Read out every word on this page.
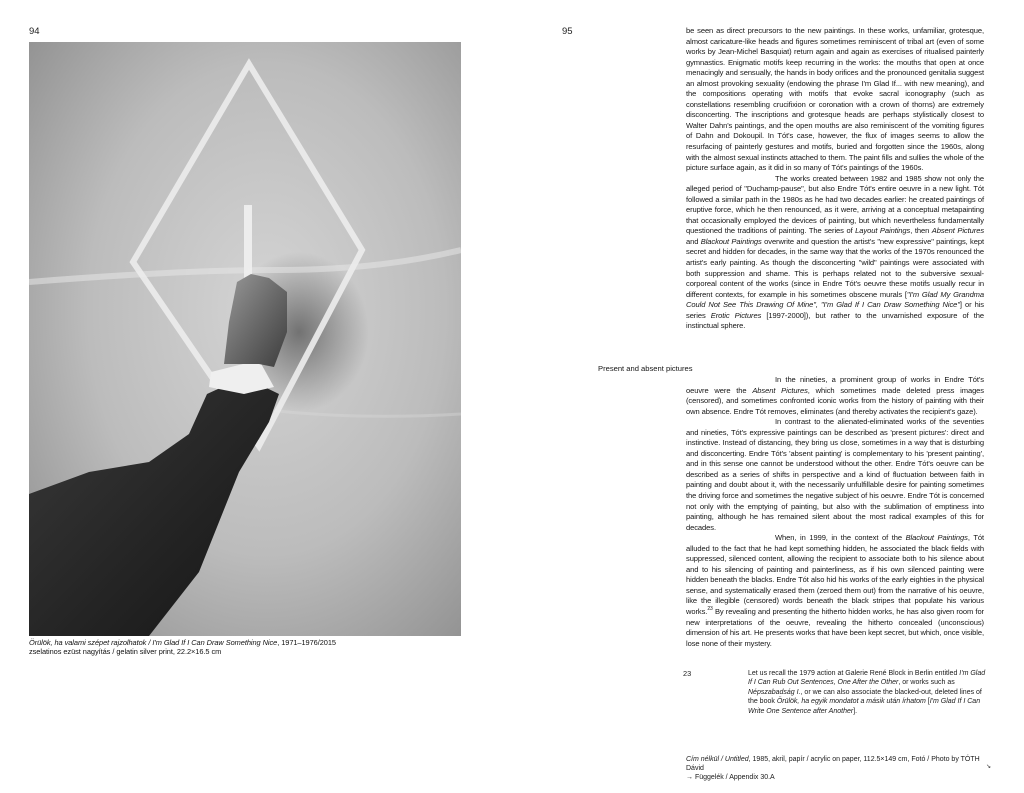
94
Örülök, ha valami szépet rajzolhatok / I'm Glad If I Can Draw Something Nice, 1971–1976/2015
zselatinos ezüst nagyítás / gelatin silver print, 22.2×16.5 cm
95	be seen as direct precursors to the new paintings. In these works, unfamiliar, grotesque, almost caricature-like heads and figures sometimes reminiscent of tribal art (even of some works by Jean-Michel Basquiat) return again and again as exercises of ritualised painterly gymnastics. Enigmatic motifs keep recurring in the works: the mouths that open at once menacingly and sensually, the hands in body orifices and the pronounced genitalia suggest an almost provoking sexuality (endowing the phrase I'm Glad If... with new meaning), and the compositions operating with motifs that evoke sacral iconography (such as constellations resembling crucifixion or coronation with a crown of thorns) are extremely disconcerting. The inscriptions and grotesque heads are perhaps stylistically closest to Walter Dahn's paintings, and the open mouths are also reminiscent of the vomiting figures of Dahn and Dokoupil. In Tót's case, however, the flux of images seems to allow the resurfacing of painterly gestures and motifs, buried and forgotten since the 1960s, along with the almost sexual instincts attached to them. The paint fills and sullies the whole of the picture surface again, as it did in so many of Tót's paintings of the 1960s.

The works created between 1982 and 1985 show not only the alleged period of "Duchamp-pause", but also Endre Tót's entire oeuvre in a new light. Tót followed a similar path in the 1980s as he had two decades earlier: he created paintings of eruptive force, which he then renounced, as it were, arriving at a conceptual metapainting that occasionally employed the devices of painting, but which nevertheless fundamentally questioned the traditions of painting. The series of Layout Paintings, then Absent Pictures and Blackout Paintings overwrite and question the artist's "new expressive" paintings, kept secret and hidden for decades, in the same way that the works of the 1970s renounced the artist's early painting. As though the disconcerting "wild" paintings were associated with both suppression and shame. This is perhaps related not to the subversive sexual-corporeal content of the works (since in Endre Tót's oeuvre these motifs usually recur in different contexts, for example in his sometimes obscene murals ["I'm Glad My Grandma Could Not See This Drawing Of Mine", "I'm Glad If I Can Draw Something Nice"] or his series Erotic Pictures [1997-2000]), but rather to the unvarnished exposure of the instinctual sphere.

Present and absent pictures

In the nineties, a prominent group of works in Endre Tót's oeuvre were the Absent Pictures, which sometimes made deleted press images (censored), and sometimes confronted iconic works from the history of painting with their own absence. Endre Tót removes, eliminates (and thereby activates the recipient's gaze).

In contrast to the alienated-eliminated works of the seventies and nineties, Tót's expressive paintings can be described as 'present pictures': direct and instinctive. Instead of distancing, they bring us close, sometimes in a way that is disturbing and disconcerting. Endre Tót's 'absent painting' is complementary to his 'present painting', and in this sense one cannot be understood without the other. Endre Tót's oeuvre can be described as a series of shifts in perspective and a kind of fluctuation between faith in painting and doubt about it, with the necessarily unfulfillable desire for painting sometimes the driving force and sometimes the negative subject of his oeuvre. Endre Tót is concerned not only with the emptying of painting, but also with the sublimation of emptiness into painting, although he has remained silent about the most radical examples of this for decades.

When, in 1999, in the context of the Blackout Paintings, Tót alluded to the fact that he had kept something hidden, he associated the black fields with suppressed, silenced content, allowing the recipient to associate both to his silence about and to his silencing of painting and painterliness, as if his own silenced painting were hidden beneath the blacks. Endre Tót also hid his works of the early eighties in the physical sense, and systematically erased them (zeroed them out) from the narrative of his oeuvre, like the illegible (censored) words beneath the black stripes that populate his various works.$^{23}$ By revealing and presenting the hitherto hidden works, he has also given room for new interpretations of the oeuvre, revealing the hitherto concealed (unconscious) dimension of his art. He presents works that have been kept secret, but which, once visible, lose none of their mystery.

23	Let us recall the 1979 action at Galerie René Block in Berlin entitled I'm Glad If I Can Rub Out Sentences, One After the Other, or works such as Népszabadság I., or we can also associate the blacked-out, deleted lines of the book Örülök, ha egyik mondatot a másik után írhatom [I'm Glad If I Can Write One Sentence after Another].
Cím nélkül / Untitled, 1985, akril, papír / acrylic on paper, 112.5×149 cm, Fotó / Photo by TÓTH Dávid
→ Függelék / Appendix 30.A
↘
